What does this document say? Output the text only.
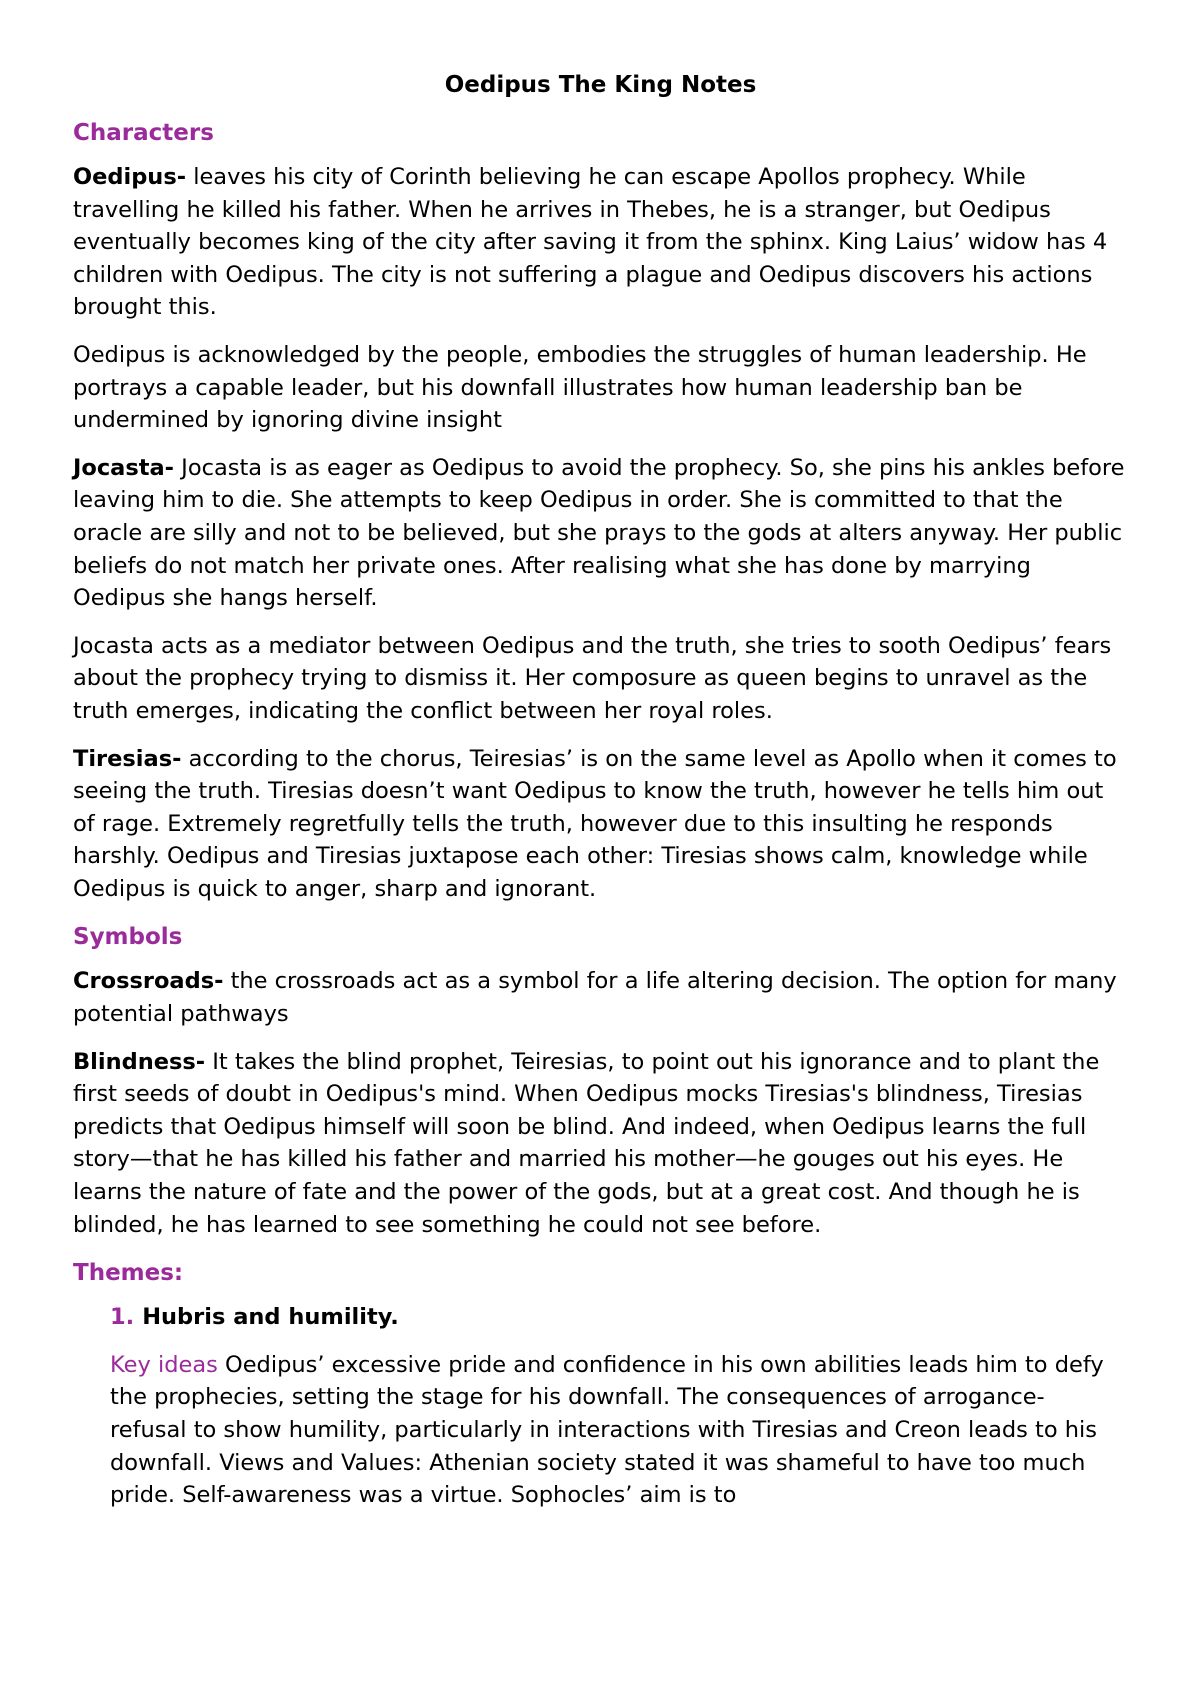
Oedipus The King Notes
Characters

Oedipus- leaves his city of Corinth believing he can escape Apollos prophecy. While travelling he killed his father. When he arrives in Thebes, he is a stranger, but Oedipus eventually becomes king of the city after saving it from the sphinx. King Laius’ widow has 4 children with Oedipus. The city is not suffering a plague and Oedipus discovers his actions brought this.

Oedipus is acknowledged by the people, embodies the struggles of human leadership. He portrays a capable leader, but his downfall illustrates how human leadership ban be undermined by ignoring divine insight

Jocasta- Jocasta is as eager as Oedipus to avoid the prophecy. So, she pins his ankles before leaving him to die. She attempts to keep Oedipus in order. She is committed to that the oracle are silly and not to be believed, but she prays to the gods at alters anyway. Her public beliefs do not match her private ones. After realising what she has done by marrying Oedipus she hangs herself.

Jocasta acts as a mediator between Oedipus and the truth, she tries to sooth Oedipus’ fears about the prophecy trying to dismiss it. Her composure as queen begins to unravel as the truth emerges, indicating the conflict between her royal roles.

Tiresias- according to the chorus, Teiresias’ is on the same level as Apollo when it comes to seeing the truth. Tiresias doesn’t want Oedipus to know the truth, however he tells him out of rage. Extremely regretfully tells the truth, however due to this insulting he responds harshly. Oedipus and Tiresias juxtapose each other: Tiresias shows calm, knowledge while Oedipus is quick to anger, sharp and ignorant.

Symbols

Crossroads- the crossroads act as a symbol for a life altering decision. The option for many potential pathways

Blindness- It takes the blind prophet, Teiresias, to point out his ignorance and to plant the first seeds of doubt in Oedipus's mind. When Oedipus mocks Tiresias's blindness, Tiresias predicts that Oedipus himself will soon be blind. And indeed, when Oedipus learns the full story—that he has killed his father and married his mother—he gouges out his eyes. He learns the nature of fate and the power of the gods, but at a great cost. And though he is blinded, he has learned to see something he could not see before.

Themes:
1. Hubris and humility.

Key ideas Oedipus’ excessive pride and confidence in his own abilities leads him to defy the prophecies, setting the stage for his downfall. The consequences of arrogance- refusal to show humility, particularly in interactions with Tiresias and Creon leads to his downfall. Views and Values: Athenian society stated it was shameful to have too much pride. Self-awareness was a virtue. Sophocles’ aim is to
